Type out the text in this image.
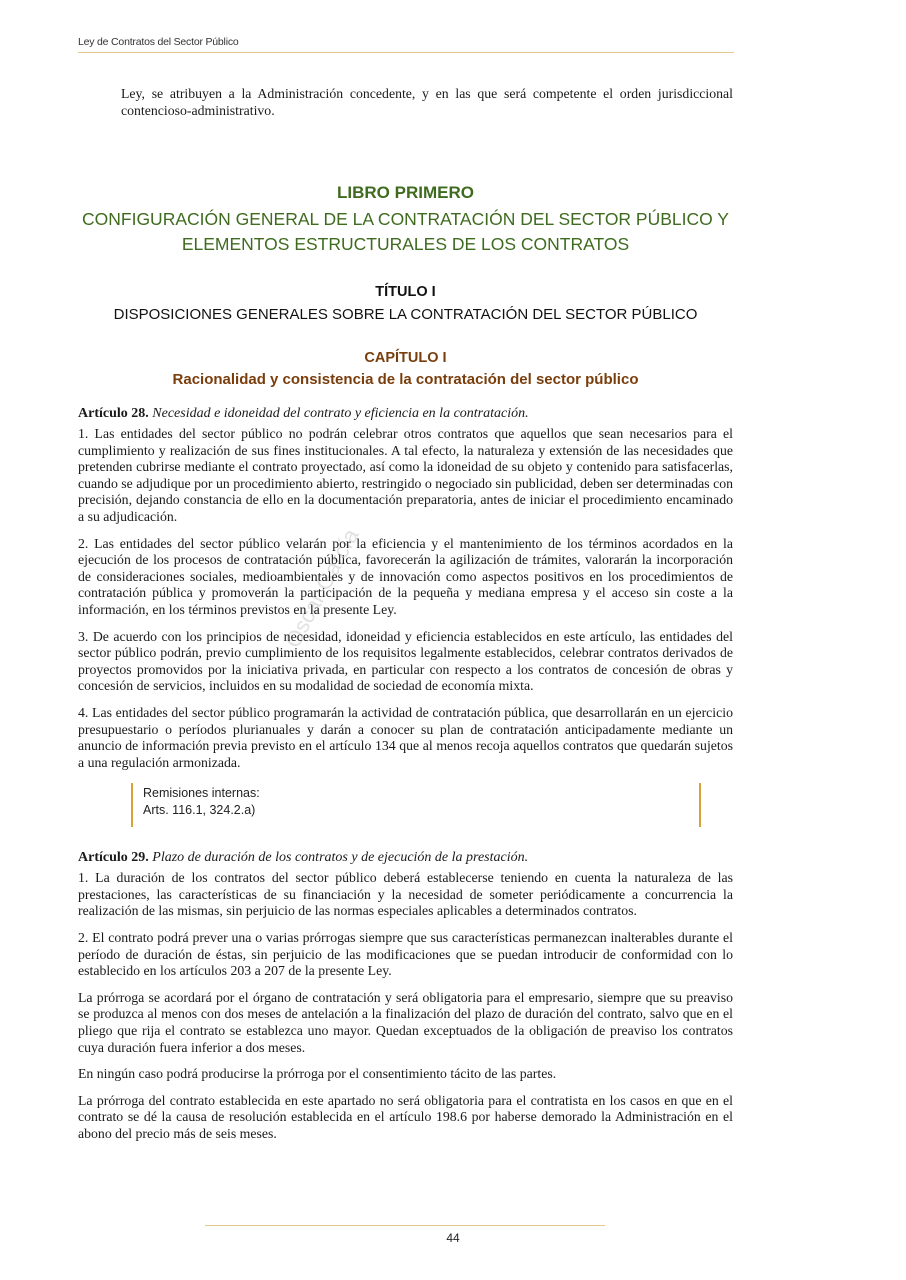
Ley de Contratos del Sector Público
Oscar García

Ley, se atribuyen a la Administración concedente, y en las que será competente el orden jurisdiccional contencioso-administrativo.

LIBRO PRIMERO
CONFIGURACIÓN GENERAL DE LA CONTRATACIÓN DEL SECTOR PÚBLICO Y ELEMENTOS ESTRUCTURALES DE LOS CONTRATOS
TÍTULO I
DISPOSICIONES GENERALES SOBRE LA CONTRATACIÓN DEL SECTOR PÚBLICO
CAPÍTULO I
Racionalidad y consistencia de la contratación del sector público

Artículo 28. Necesidad e idoneidad del contrato y eficiencia en la contratación.

1. Las entidades del sector público no podrán celebrar otros contratos que aquellos que sean necesarios para el cumplimiento y realización de sus fines institucionales. A tal efecto, la naturaleza y extensión de las necesidades que pretenden cubrirse mediante el contrato proyectado, así como la idoneidad de su objeto y contenido para satisfacerlas, cuando se adjudique por un procedimiento abierto, restringido o negociado sin publicidad, deben ser determinadas con precisión, dejando constancia de ello en la documentación preparatoria, antes de iniciar el procedimiento encaminado a su adjudicación.

2. Las entidades del sector público velarán por la eficiencia y el mantenimiento de los términos acordados en la ejecución de los procesos de contratación pública, favorecerán la agilización de trámites, valorarán la incorporación de consideraciones sociales, medioambientales y de innovación como aspectos positivos en los procedimientos de contratación pública y promoverán la participación de la pequeña y mediana empresa y el acceso sin coste a la información, en los términos previstos en la presente Ley.

3. De acuerdo con los principios de necesidad, idoneidad y eficiencia establecidos en este artículo, las entidades del sector público podrán, previo cumplimiento de los requisitos legalmente establecidos, celebrar contratos derivados de proyectos promovidos por la iniciativa privada, en particular con respecto a los contratos de concesión de obras y concesión de servicios, incluidos en su modalidad de sociedad de economía mixta.

4. Las entidades del sector público programarán la actividad de contratación pública, que desarrollarán en un ejercicio presupuestario o períodos plurianuales y darán a conocer su plan de contratación anticipadamente mediante un anuncio de información previa previsto en el artículo 134 que al menos recoja aquellos contratos que quedarán sujetos a una regulación armonizada.

Remisiones internas:
Arts. 116.1, 324.2.a)

Artículo 29. Plazo de duración de los contratos y de ejecución de la prestación.

1. La duración de los contratos del sector público deberá establecerse teniendo en cuenta la naturaleza de las prestaciones, las características de su financiación y la necesidad de someter periódicamente a concurrencia la realización de las mismas, sin perjuicio de las normas especiales aplicables a determinados contratos.

2. El contrato podrá prever una o varias prórrogas siempre que sus características permanezcan inalterables durante el período de duración de éstas, sin perjuicio de las modificaciones que se puedan introducir de conformidad con lo establecido en los artículos 203 a 207 de la presente Ley.

La prórroga se acordará por el órgano de contratación y será obligatoria para el empresario, siempre que su preaviso se produzca al menos con dos meses de antelación a la finalización del plazo de duración del contrato, salvo que en el pliego que rija el contrato se establezca uno mayor. Quedan exceptuados de la obligación de preaviso los contratos cuya duración fuera inferior a dos meses.

En ningún caso podrá producirse la prórroga por el consentimiento tácito de las partes.

La prórroga del contrato establecida en este apartado no será obligatoria para el contratista en los casos en que en el contrato se dé la causa de resolución establecida en el artículo 198.6 por haberse demorado la Administración en el abono del precio más de seis meses.

44
